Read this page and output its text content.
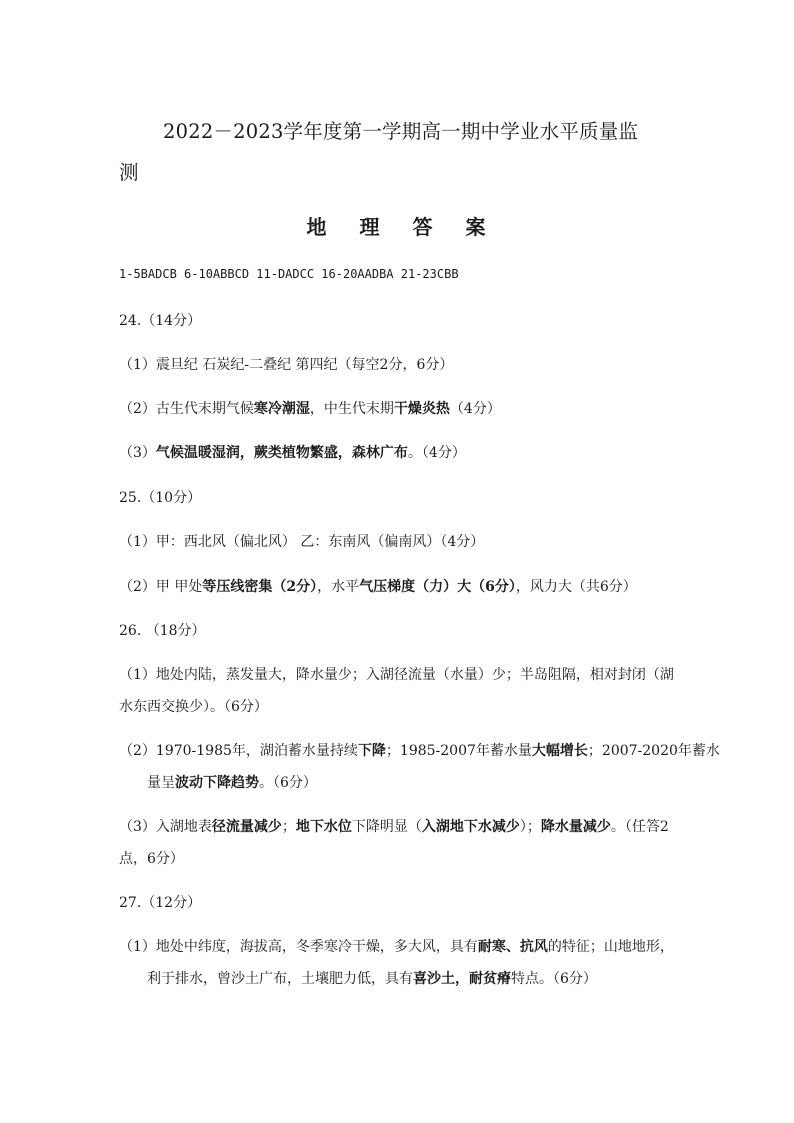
2022－2023学年度第一学期高一期中学业水平质量监
测
地 理 答 案
1-5BADCB 6-10ABBCD 11-DADCC 16-20AADBA 21-23CBB
24.（14分）
（1）震旦纪 石炭纪-二叠纪 第四纪（每空2分，6分）
（2）古生代末期气候寒冷潮湿，中生代末期干燥炎热（4分）
（3）气候温暖湿润，蕨类植物繁盛，森林广布。（4分）
25.（10分）
（1）甲：西北风（偏北风） 乙：东南风（偏南风）（4分）
（2）甲 甲处等压线密集（2分），水平气压梯度（力）大（6分），风力大（共6分）
26. （18分）
（1）地处内陆，蒸发量大，降水量少；入湖径流量（水量）少；半岛阻隔，相对封闭（湖
水东西交换少）。（6分）
（2）1970-1985年，湖泊蓄水量持续下降；1985-2007年蓄水量大幅增长；2007-2020年蓄水
量呈波动下降趋势。（6分）
（3）入湖地表径流量减少；地下水位下降明显（入湖地下水减少）；降水量减少。（任答2
点，6分）
27.（12分）
（1）地处中纬度，海拔高，冬季寒冷干燥，多大风，具有耐寒、抗风的特征；山地地形，
利于排水，曾沙土广布，土壤肥力低，具有喜沙土，耐贫瘠特点。（6分）
